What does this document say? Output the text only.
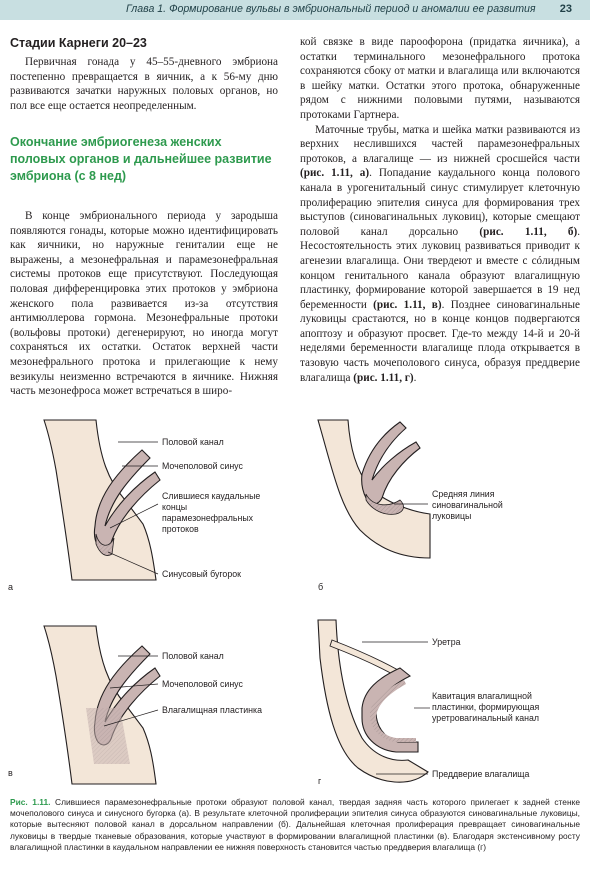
Глава 1. Формирование вульвы в эмбриональный период и аномалии ее развития 23
Стадии Карнеги 20–23

Первичная гонада у 45–55-дневного эмбриона постепенно превращается в яичник, а к 56-му дню развиваются зачатки наружных половых органов, но пол все еще остается неопределенным.

Окончание эмбриогенеза женских половых органов и дальнейшее развитие эмбриона (с 8 нед)

В конце эмбрионального периода у зародыша появляются гонады, которые можно идентифицировать как яичники, но наружные гениталии еще не выражены, а мезонефральная и парамезонефральная системы протоков еще присутствуют. Последующая половая дифференцировка этих протоков у эмбриона женского пола развивается из-за отсутствия антимюллерова гормона. Мезонефральные протоки (вольфовы протоки) дегенерируют, но иногда могут сохраняться их остатки. Остаток верхней части мезонефрального протока и прилегающие к нему везикулы неизменно встречаются в яичнике. Нижняя часть мезонефроса может встречаться в широ-

кой связке в виде пароофорона (придатка яичника), а остатки терминального мезонефрального протока сохраняются сбоку от матки и влагалища или включаются в шейку матки. Остатки этого протока, обнаруженные рядом с нижними половыми путями, называются протоками Гартнера.

Маточные трубы, матка и шейка матки развиваются из верхних неслившихся частей парамезонефральных протоков, а влагалище — из нижней сросшейся части (рис. 1.11, а). Попадание каудального конца полового канала в урогенитальный синус стимулирует клеточную пролиферацию эпителия синуса для формирования трех выступов (синовагинальных луковиц), которые смещают половой канал дорсально (рис. 1.11, б). Несостоятельность этих луковиц развиваться приводит к агенезии влагалища. Они твердеют и вместе с сóлидным концом генитального канала образуют влагалищную пластинку, формирование которой завершается в 19 нед беременности (рис. 1.11, в). Позднее синовагинальные луковицы срастаются, но в конце концов подвергаются апоптозу и образуют просвет. Где-то между 14-й и 20-й неделями беременности влагалище плода открывается в тазовую часть мочеполового синуса, образуя преддверие влагалища (рис. 1.11, г).

Половой канал
Мочеполовой синус
Слившиеся каудальные
концы
парамезонефральных
протоков
Синусовый бугорок
а
Средняя линия
синовагинальной
луковицы
б
Половой канал
Мочеполовой синус
Влагалищная пластинка
в
Уретра
Кавитация влагалищной
пластинки, формирующая
уретровагинальный канал
Преддверие влагалища
г
Рис. 1.11. Слившиеся парамезонефральные протоки образуют половой канал, твердая задняя часть которого прилегает к задней стенке мочеполового синуса и синусного бугорка (а). В результате клеточной пролиферации эпителия синуса образуются синовагинальные луковицы, которые вытесняют половой канал в дорсальном направлении (б). Дальнейшая клеточная пролиферация превращает синовагинальные луковицы в твердые тканевые образования, которые участвуют в формировании влагалищной пластинки (в). Благодаря экстенсивному росту влагалищной пластинки в каудальном направлении ее нижняя поверхность становится частью преддверия влагалища (г)
